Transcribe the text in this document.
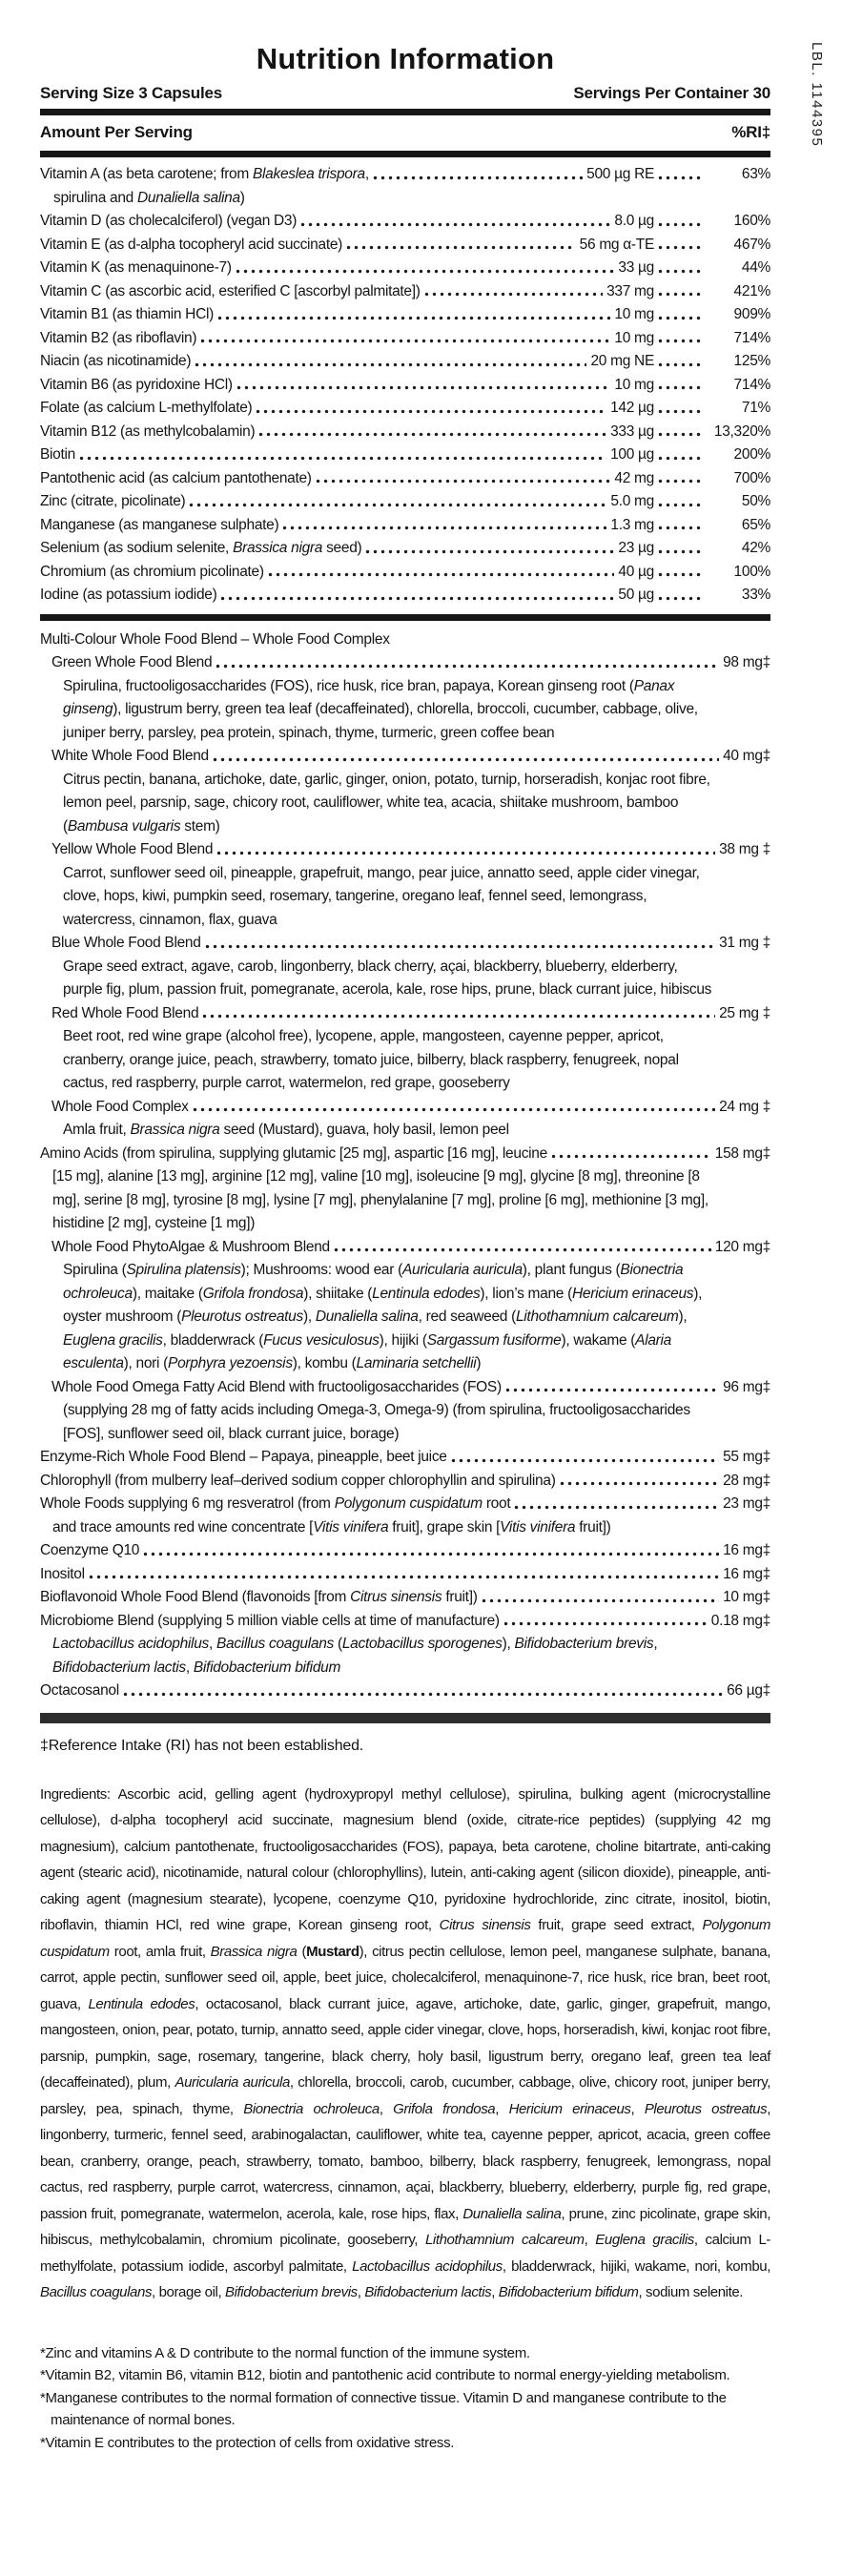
LBL. 1144395
Nutrition Information
Serving Size 3 Capsules	Servings Per Container 30
Amount Per Serving	%RI‡
Vitamin A (as beta carotene; from Blakeslea trispora,	500 µg RE	63%
spirulina and Dunaliella salina)
Vitamin D (as cholecalciferol) (vegan D3)	8.0 µg	160%
Vitamin E (as d-alpha tocopheryl acid succinate)	56 mg α-TE	467%
Vitamin K (as menaquinone-7)	33 µg	44%
Vitamin C (as ascorbic acid, esterified C [ascorbyl palmitate])	337 mg	421%
Vitamin B1 (as thiamin HCl)	10 mg	909%
Vitamin B2 (as riboflavin)	10 mg	714%
Niacin (as nicotinamide)	20 mg NE	125%
Vitamin B6 (as pyridoxine HCl)	10 mg	714%
Folate (as calcium L-methylfolate)	142 µg	71%
Vitamin B12 (as methylcobalamin)	333 µg	13,320%
Biotin	100 µg	200%
Pantothenic acid (as calcium pantothenate)	42 mg	700%
Zinc (citrate, picolinate)	5.0 mg	50%
Manganese (as manganese sulphate)	1.3 mg	65%
Selenium (as sodium selenite, Brassica nigra seed)	23 µg	42%
Chromium (as chromium picolinate)	40 µg	100%
Iodine (as potassium iodide)	50 µg	33%
Multi-Colour Whole Food Blend – Whole Food Complex
Green Whole Food Blend	98 mg‡
Spirulina, fructooligosaccharides (FOS), rice husk, rice bran, papaya, Korean ginseng root (Panax ginseng), ligustrum berry, green tea leaf (decaffeinated), chlorella, broccoli, cucumber, cabbage, olive, juniper berry, parsley, pea protein, spinach, thyme, turmeric, green coffee bean
White Whole Food Blend	40 mg‡
Citrus pectin, banana, artichoke, date, garlic, ginger, onion, potato, turnip, horseradish, konjac root fibre, lemon peel, parsnip, sage, chicory root, cauliflower, white tea, acacia, shiitake mushroom, bamboo (Bambusa vulgaris stem)
Yellow Whole Food Blend	38 mg ‡
Carrot, sunflower seed oil, pineapple, grapefruit, mango, pear juice, annatto seed, apple cider vinegar, clove, hops, kiwi, pumpkin seed, rosemary, tangerine, oregano leaf, fennel seed, lemongrass, watercress, cinnamon, flax, guava
Blue Whole Food Blend	31 mg ‡
Grape seed extract, agave, carob, lingonberry, black cherry, açai, blackberry, blueberry, elderberry, purple fig, plum, passion fruit, pomegranate, acerola, kale, rose hips, prune, black currant juice, hibiscus
Red Whole Food Blend	25 mg ‡
Beet root, red wine grape (alcohol free), lycopene, apple, mangosteen, cayenne pepper, apricot, cranberry, orange juice, peach, strawberry, tomato juice, bilberry, black raspberry, fenugreek, nopal cactus, red raspberry, purple carrot, watermelon, red grape, gooseberry
Whole Food Complex	24 mg ‡
Amla fruit, Brassica nigra seed (Mustard), guava, holy basil, lemon peel
Amino Acids (from spirulina, supplying glutamic [25 mg], aspartic [16 mg], leucine	158 mg‡
[15 mg], alanine [13 mg], arginine [12 mg], valine [10 mg], isoleucine [9 mg], glycine [8 mg], threonine [8 mg], serine [8 mg], tyrosine [8 mg], lysine [7 mg], phenylalanine [7 mg], proline [6 mg], methionine [3 mg], histidine [2 mg], cysteine [1 mg])
Whole Food PhytoAlgae & Mushroom Blend	120 mg‡
Spirulina (Spirulina platensis); Mushrooms: wood ear (Auricularia auricula), plant fungus (Bionectria ochroleuca), maitake (Grifola frondosa), shiitake (Lentinula edodes), lion’s mane (Hericium erinaceus), oyster mushroom (Pleurotus ostreatus), Dunaliella salina, red seaweed (Lithothamnium calcareum), Euglena gracilis, bladderwrack (Fucus vesiculosus), hijiki (Sargassum fusiforme), wakame (Alaria esculenta), nori (Porphyra yezoensis), kombu (Laminaria setchellii)
Whole Food Omega Fatty Acid Blend with fructooligosaccharides (FOS)	96 mg‡
(supplying 28 mg of fatty acids including Omega-3, Omega-9) (from spirulina, fructooligosaccharides [FOS], sunflower seed oil, black currant juice, borage)
Enzyme-Rich Whole Food Blend – Papaya, pineapple, beet juice	55 mg‡
Chlorophyll (from mulberry leaf–derived sodium copper chlorophyllin and spirulina)	28 mg‡
Whole Foods supplying 6 mg resveratrol (from Polygonum cuspidatum root	23 mg‡
and trace amounts red wine concentrate [Vitis vinifera fruit], grape skin [Vitis vinifera fruit])
Coenzyme Q10	16 mg‡
Inositol	16 mg‡
Bioflavonoid Whole Food Blend (flavonoids [from Citrus sinensis fruit])	10 mg‡
Microbiome Blend (supplying 5 million viable cells at time of manufacture)	0.18 mg‡
Lactobacillus acidophilus, Bacillus coagulans (Lactobacillus sporogenes), Bifidobacterium brevis, Bifidobacterium lactis, Bifidobacterium bifidum
Octacosanol	66 µg‡
‡Reference Intake (RI) has not been established.
Ingredients: Ascorbic acid, gelling agent (hydroxypropyl methyl cellulose), spirulina, bulking agent (microcrystalline cellulose), d-alpha tocopheryl acid succinate, magnesium blend (oxide, citrate-rice peptides) (supplying 42 mg magnesium), calcium pantothenate, fructooligosaccharides (FOS), papaya, beta carotene, choline bitartrate, anti-caking agent (stearic acid), nicotinamide, natural colour (chlorophyllins), lutein, anti-caking agent (silicon dioxide), pineapple, anti-caking agent (magnesium stearate), lycopene, coenzyme Q10, pyridoxine hydrochloride, zinc citrate, inositol, biotin, riboflavin, thiamin HCl, red wine grape, Korean ginseng root, Citrus sinensis fruit, grape seed extract, Polygonum cuspidatum root, amla fruit, Brassica nigra (Mustard), citrus pectin cellulose, lemon peel, manganese sulphate, banana, carrot, apple pectin, sunflower seed oil, apple, beet juice, cholecalciferol, menaquinone-7, rice husk, rice bran, beet root, guava, Lentinula edodes, octacosanol, black currant juice, agave, artichoke, date, garlic, ginger, grapefruit, mango, mangosteen, onion, pear, potato, turnip, annatto seed, apple cider vinegar, clove, hops, horseradish, kiwi, konjac root fibre, parsnip, pumpkin, sage, rosemary, tangerine, black cherry, holy basil, ligustrum berry, oregano leaf, green tea leaf (decaffeinated), plum, Auricularia auricula, chlorella, broccoli, carob, cucumber, cabbage, olive, chicory root, juniper berry, parsley, pea, spinach, thyme, Bionectria ochroleuca, Grifola frondosa, Hericium erinaceus, Pleurotus ostreatus, lingonberry, turmeric, fennel seed, arabinogalactan, cauliflower, white tea, cayenne pepper, apricot, acacia, green coffee bean, cranberry, orange, peach, strawberry, tomato, bamboo, bilberry, black raspberry, fenugreek, lemongrass, nopal cactus, red raspberry, purple carrot, watercress, cinnamon, açai, blackberry, blueberry, elderberry, purple fig, red grape, passion fruit, pomegranate, watermelon, acerola, kale, rose hips, flax, Dunaliella salina, prune, zinc picolinate, grape skin, hibiscus, methylcobalamin, chromium picolinate, gooseberry, Lithothamnium calcareum, Euglena gracilis, calcium L-methylfolate, potassium iodide, ascorbyl palmitate, Lactobacillus acidophilus, bladderwrack, hijiki, wakame, nori, kombu, Bacillus coagulans, borage oil, Bifidobacterium brevis, Bifidobacterium lactis, Bifidobacterium bifidum, sodium selenite.
*Zinc and vitamins A & D contribute to the normal function of the immune system.
*Vitamin B2, vitamin B6, vitamin B12, biotin and pantothenic acid contribute to normal energy-yielding metabolism.
*Manganese contributes to the normal formation of connective tissue. Vitamin D and manganese contribute to the maintenance of normal bones.
*Vitamin E contributes to the protection of cells from oxidative stress.
